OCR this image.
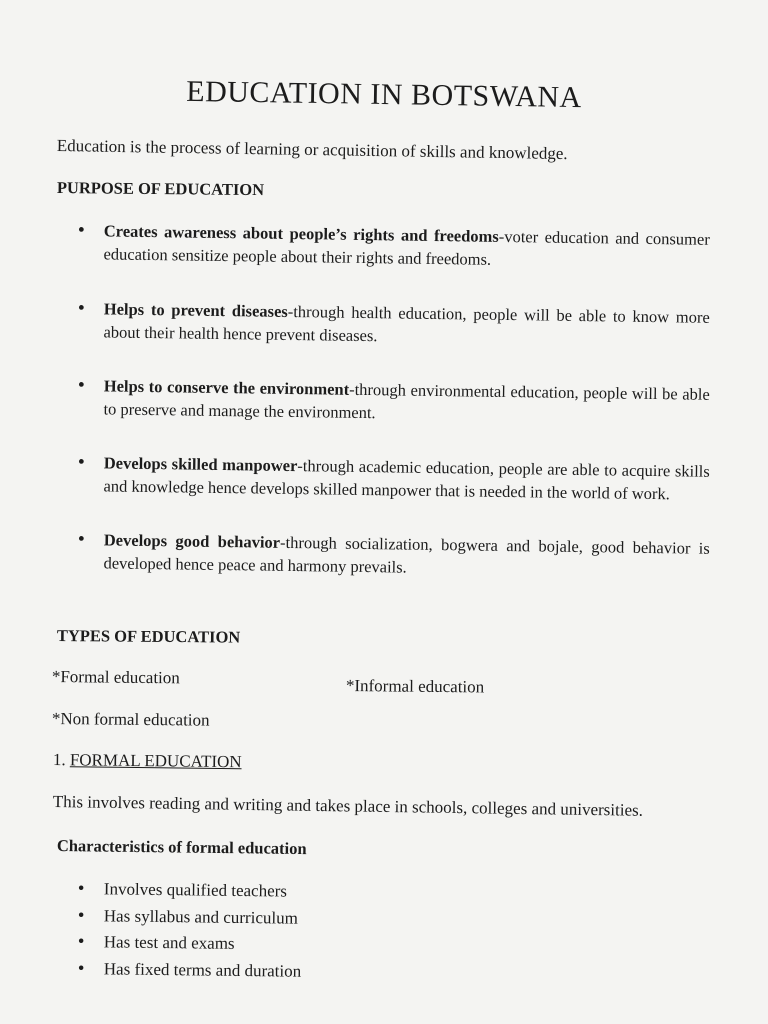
EDUCATION IN BOTSWANA
Education is the process of learning or acquisition of skills and knowledge.
PURPOSE OF EDUCATION
• Creates awareness about people’s rights and freedoms-voter education and consumer education sensitize people about their rights and freedoms.
• Helps to prevent diseases-through health education, people will be able to know more about their health hence prevent diseases.
• Helps to conserve the environment-through environmental education, people will be able to preserve and manage the environment.
• Develops skilled manpower-through academic education, people are able to acquire skills and knowledge hence develops skilled manpower that is needed in the world of work.
• Develops good behavior-through socialization, bogwera and bojale, good behavior is developed hence peace and harmony prevails.
TYPES OF EDUCATION
*Formal education	*Informal education
*Non formal education
1. FORMAL EDUCATION
This involves reading and writing and takes place in schools, colleges and universities.
Characteristics of formal education
• Involves qualified teachers
• Has syllabus and curriculum
• Has test and exams
• Has fixed terms and duration
